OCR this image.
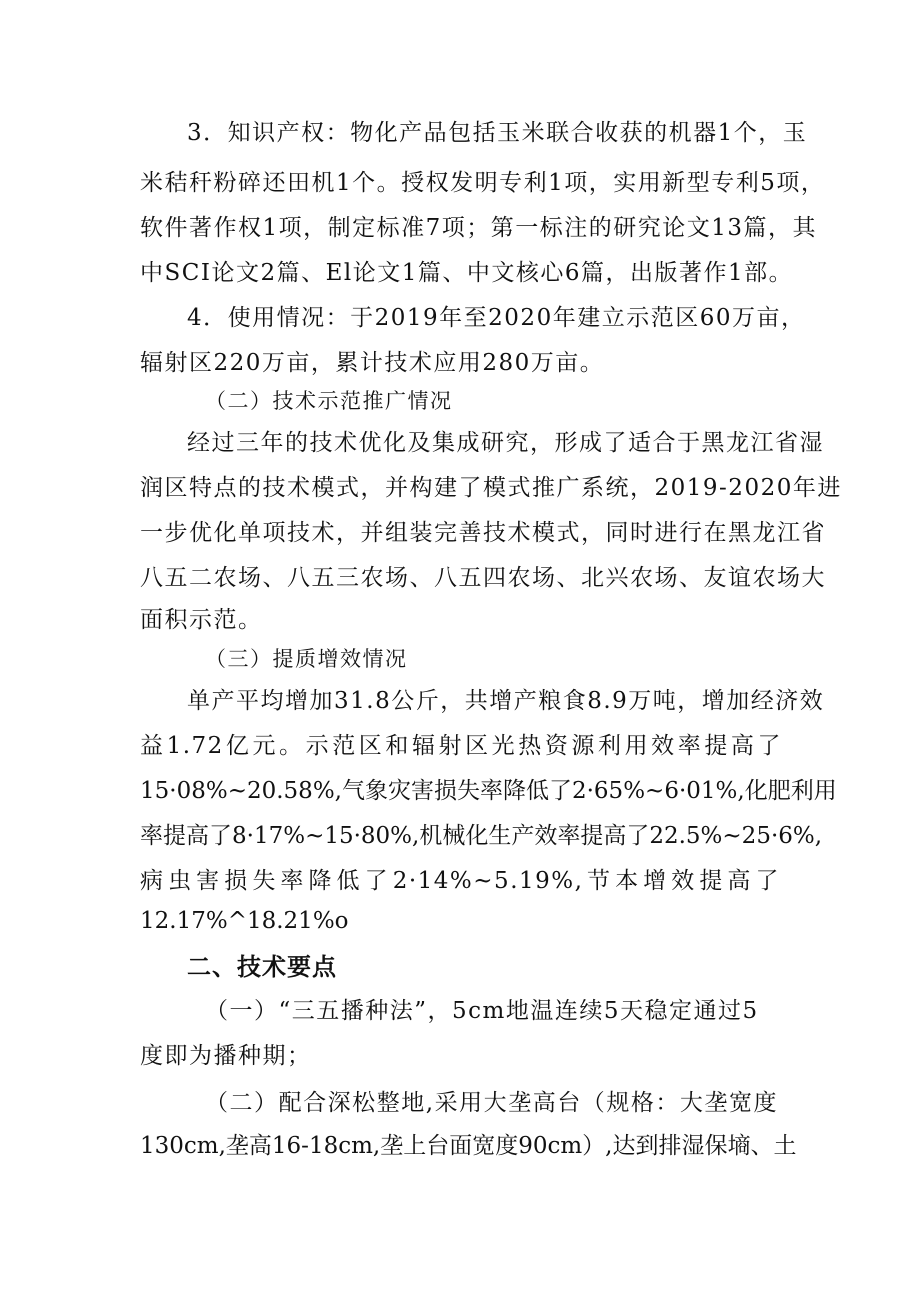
3．知识产权：物化产品包括玉米联合收获的机器1个，玉
米秸秆粉碎还田机1个。授权发明专利1项，实用新型专利5项，
软件著作权1项，制定标准7项；第一标注的研究论文13篇，其
中SCI论文2篇、El论文1篇、中文核心6篇，出版著作1部。
4．使用情况：于2019年至2020年建立示范区60万亩，
辐射区220万亩，累计技术应用280万亩。
（二）技术示范推广情况
经过三年的技术优化及集成研究，形成了适合于黑龙江省湿
润区特点的技术模式，并构建了模式推广系统，2019-2020年进
一步优化单项技术，并组装完善技术模式，同时进行在黑龙江省
八五二农场、八五三农场、八五四农场、北兴农场、友谊农场大
面积示范。
（三）提质增效情况
单产平均增加31.8公斤，共增产粮食8.9万吨，增加经济效
益1.72亿元。示范区和辐射区光热资源利用效率提高了
15·08%~20.58%,气象灾害损失率降低了2·65%~6·01%,化肥利用
率提高了8·17%~15·80%,机械化生产效率提高了22.5%~25·6%,
病虫害损失率降低了2·14%~5.19%,节本增效提高了
12.17%^18.21%o
二、技术要点
（一）“三五播种法”，5cm地温连续5天稳定通过5
度即为播种期；
（二）配合深松整地,采用大垄高台（规格：大垄宽度
130cm,垄高16-18cm,垄上台面宽度90cm）,达到排湿保墒、土
